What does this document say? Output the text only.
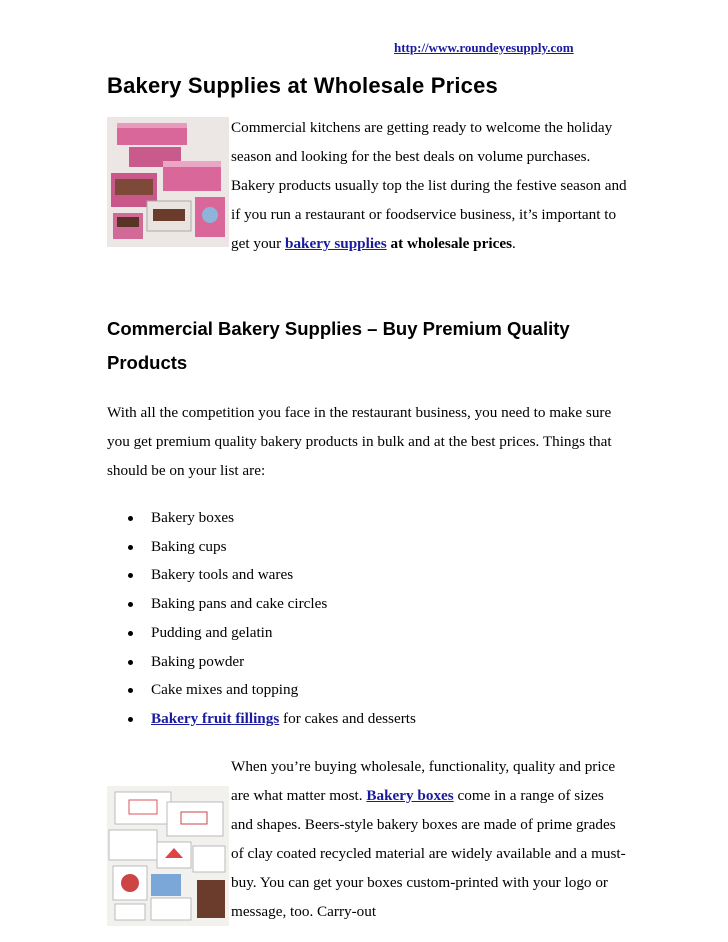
http://www.roundeyesupply.com
Bakery Supplies at Wholesale Prices

Commercial kitchens are getting ready to welcome the holiday season and looking for the best deals on volume purchases. Bakery products usually top the list during the festive season and if you run a restaurant or foodservice business, it’s important to get your bakery supplies at wholesale prices.

Commercial Bakery Supplies – Buy Premium Quality Products

With all the competition you face in the restaurant business, you need to make sure you get premium quality bakery products in bulk and at the best prices. Things that should be on your list are:

Bakery boxes
Baking cups
Bakery tools and wares
Baking pans and cake circles
Pudding and gelatin
Baking powder
Cake mixes and topping
Bakery fruit fillings for cakes and desserts

When you’re buying wholesale, functionality, quality and price are what matter most. Bakery boxes come in a range of sizes and shapes. Beers-style bakery boxes are made of prime grades of clay coated recycled material are widely available and a must-buy. You can get your boxes custom-printed with your logo or message, too. Carry-out
